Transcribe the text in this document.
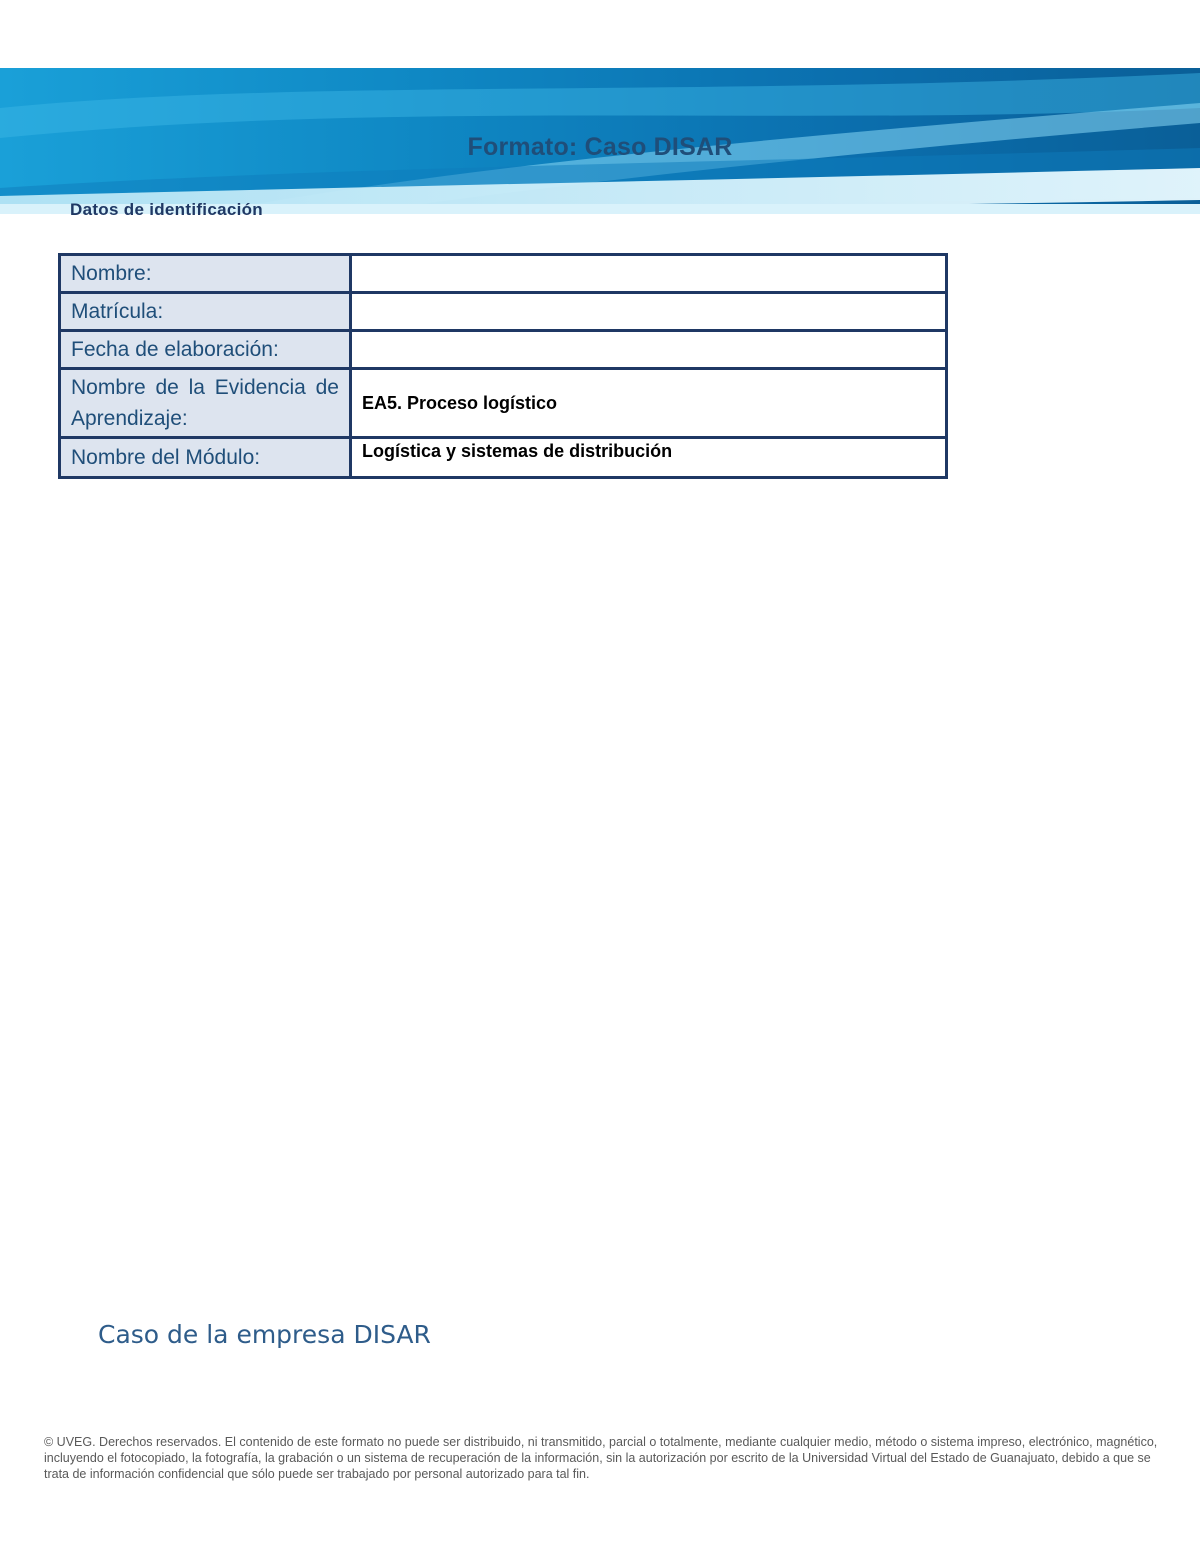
Formato: Caso DISAR
Datos de identificación
Nombre:	
Matrícula:	
Fecha de elaboración:	
Nombre de la Evidencia de Aprendizaje:	EA5. Proceso logístico
Nombre del Módulo:	Logística y sistemas de distribución
Caso de la empresa DISAR
© UVEG. Derechos reservados. El contenido de este formato no puede ser distribuido, ni transmitido, parcial o totalmente, mediante cualquier medio, método o sistema impreso, electrónico, magnético, incluyendo el fotocopiado, la fotografía, la grabación o un sistema de recuperación de la información, sin la autorización por escrito de la Universidad Virtual del Estado de Guanajuato, debido a que se trata de información confidencial que sólo puede ser trabajado por personal autorizado para tal fin.
